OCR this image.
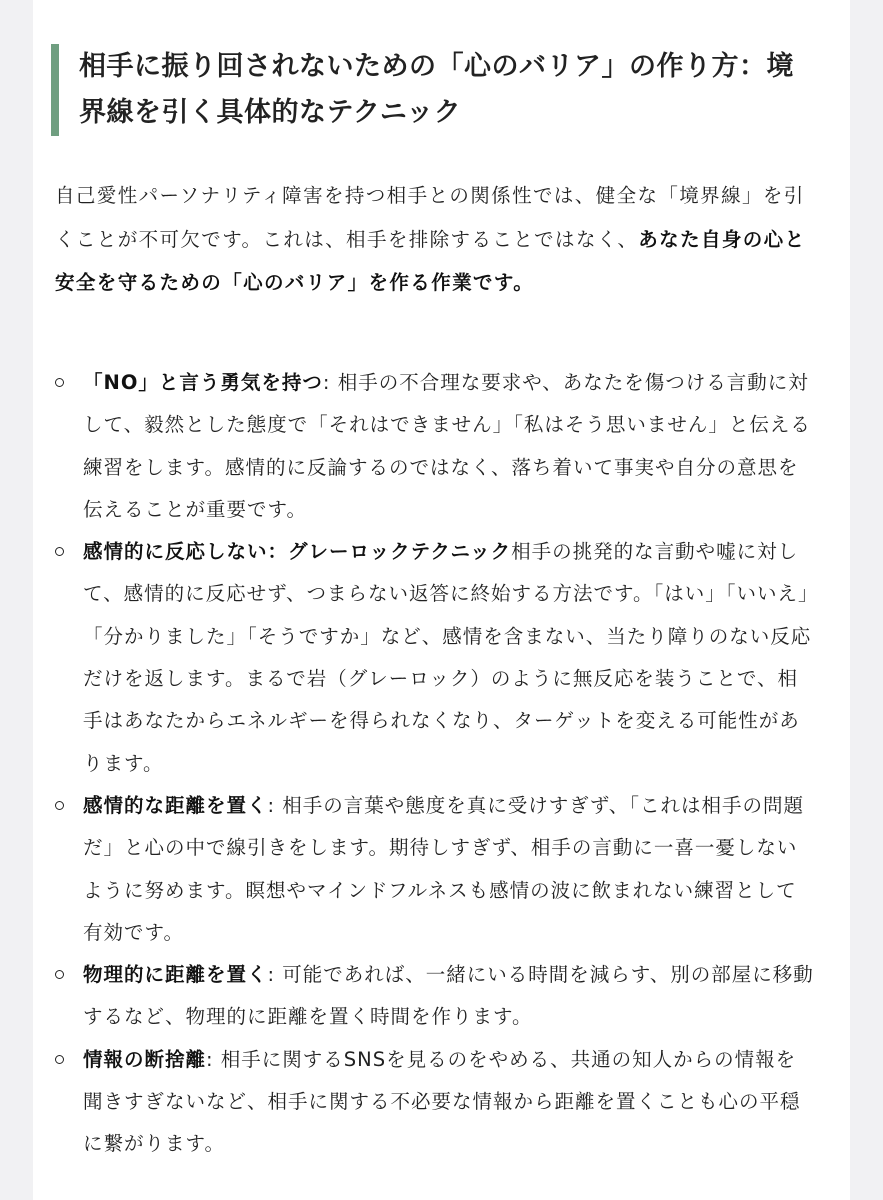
相手に振り回されないための「心のバリア」の作り方：境界線を引く具体的なテクニック

自己愛性パーソナリティ障害を持つ相手との関係性では、健全な「境界線」を引くことが不可欠です。これは、相手を排除することではなく、あなた自身の心と安全を守るための「心のバリア」を作る作業です。

「NO」と言う勇気を持つ: 相手の不合理な要求や、あなたを傷つける言動に対して、毅然とした態度で「それはできません」「私はそう思いません」と伝える練習をします。感情的に反論するのではなく、落ち着いて事実や自分の意思を伝えることが重要です。
感情的に反応しない：グレーロックテクニック相手の挑発的な言動や嘘に対して、感情的に反応せず、つまらない返答に終始する方法です。「はい」「いいえ」「分かりました」「そうですか」など、感情を含まない、当たり障りのない反応だけを返します。まるで岩（グレーロック）のように無反応を装うことで、相手はあなたからエネルギーを得られなくなり、ターゲットを変える可能性があります。
感情的な距離を置く: 相手の言葉や態度を真に受けすぎず、「これは相手の問題だ」と心の中で線引きをします。期待しすぎず、相手の言動に一喜一憂しないように努めます。瞑想やマインドフルネスも感情の波に飲まれない練習として有効です。
物理的に距離を置く: 可能であれば、一緒にいる時間を減らす、別の部屋に移動するなど、物理的に距離を置く時間を作ります。
情報の断捨離: 相手に関するSNSを見るのをやめる、共通の知人からの情報を聞きすぎないなど、相手に関する不必要な情報から距離を置くことも心の平穏に繋がります。
